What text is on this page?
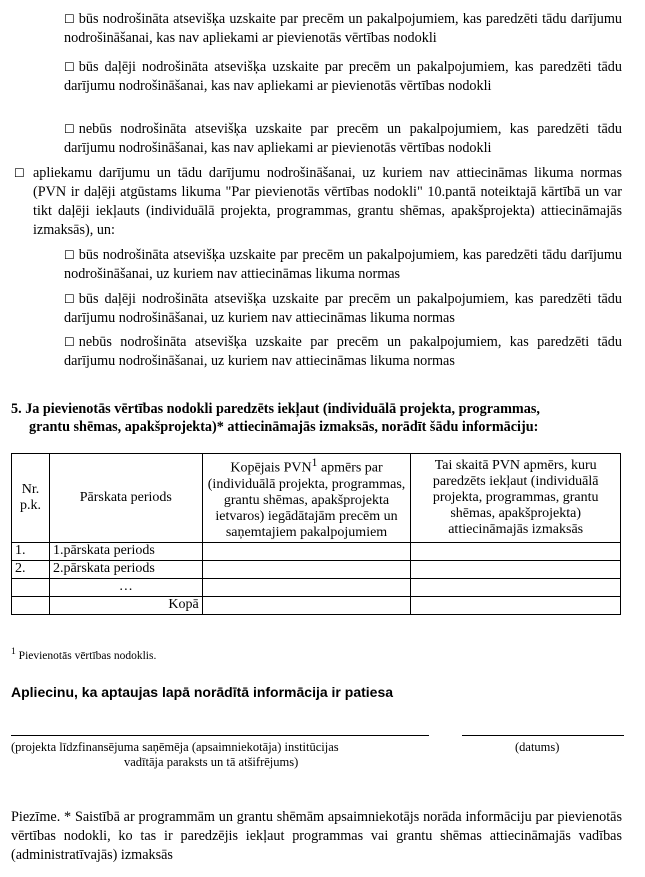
☐ būs nodrošināta atsevišķa uzskaite par precēm un pakalpojumiem, kas paredzēti tādu darījumu nodrošināšanai, kas nav apliekami ar pievienotās vērtības nodokli
☐ būs daļēji nodrošināta atsevišķa uzskaite par precēm un pakalpojumiem, kas paredzēti tādu darījumu nodrošināšanai, kas nav apliekami ar pievienotās vērtības nodokli
☐ nebūs nodrošināta atsevišķa uzskaite par precēm un pakalpojumiem, kas paredzēti tādu darījumu nodrošināšanai, kas nav apliekami ar pievienotās vērtības nodokli
☐ apliekamu darījumu un tādu darījumu nodrošināšanai, uz kuriem nav attiecināmas likuma normas (PVN ir daļēji atgūstams likuma "Par pievienotās vērtības nodokli" 10.pantā noteiktajā kārtībā un var tikt daļēji iekļauts (individuālā projekta, programmas, grantu shēmas, apakšprojekta) attiecināmajās izmaksās), un:
☐ būs nodrošināta atsevišķa uzskaite par precēm un pakalpojumiem, kas paredzēti tādu darījumu nodrošināšanai, uz kuriem nav attiecināmas likuma normas
☐ būs daļēji nodrošināta atsevišķa uzskaite par precēm un pakalpojumiem, kas paredzēti tādu darījumu nodrošināšanai, uz kuriem nav attiecināmas likuma normas
☐ nebūs nodrošināta atsevišķa uzskaite par precēm un pakalpojumiem, kas paredzēti tādu darījumu nodrošināšanai, uz kuriem nav attiecināmas likuma normas
5. Ja pievienotās vērtības nodokli paredzēts iekļaut (individuālā projekta, programmas,
grantu shēmas, apakšprojekta)* attiecināmajās izmaksās, norādīt šādu informāciju:
Nr. p.k.	Pārskata periods	Kopējais PVN$^1$ apmērs par (individuālā projekta, programmas, grantu shēmas, apakšprojekta ietvaros) iegādātajām precēm un saņemtajiem pakalpojumiem	Tai skaitā PVN apmērs, kuru paredzēts iekļaut (individuālā projekta, programmas, grantu shēmas, apakšprojekta) attiecināmajās izmaksās
1.	1.pārskata periods		
2.	2.pārskata periods		
	…		
	Kopā		
$^1$ Pievienotās vērtības nodoklis.
Apliecinu, ka aptaujas lapā norādītā informācija ir patiesa
(projekta līdzfinansējuma saņēmēja (apsaimniekotāja) institūcijas
vadītāja paraksts un tā atšifrējums)
(datums)
Piezīme. * Saistībā ar programmām un grantu shēmām apsaimniekotājs norāda informāciju par pievienotās vērtības nodokli, ko tas ir paredzējis iekļaut programmas vai grantu shēmas attiecināmajās vadības (administratīvajās) izmaksās
